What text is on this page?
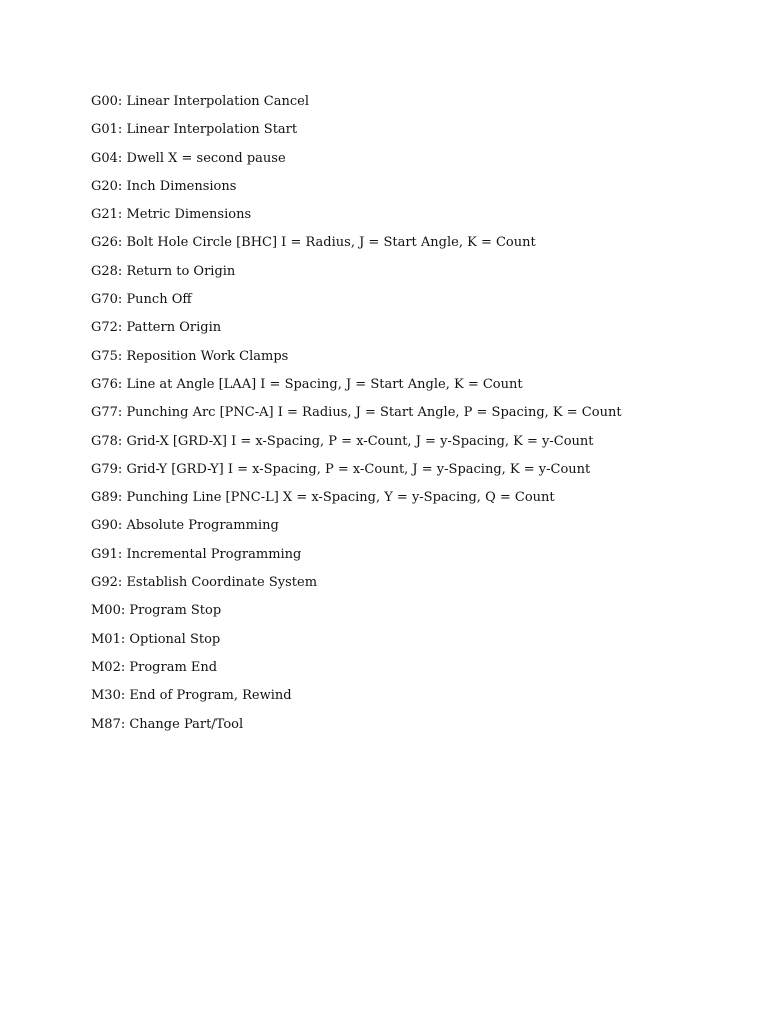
G00: Linear Interpolation Cancel
G01: Linear Interpolation Start
G04: Dwell X = second pause
G20: Inch Dimensions
G21: Metric Dimensions
G26: Bolt Hole Circle [BHC] I = Radius, J = Start Angle, K = Count
G28: Return to Origin
G70: Punch Off
G72: Pattern Origin
G75: Reposition Work Clamps
G76: Line at Angle [LAA] I = Spacing, J = Start Angle, K = Count
G77: Punching Arc [PNC-A] I = Radius, J = Start Angle, P = Spacing, K = Count
G78: Grid-X [GRD-X] I = x-Spacing, P = x-Count, J = y-Spacing, K = y-Count
G79: Grid-Y [GRD-Y] I = x-Spacing, P = x-Count, J = y-Spacing, K = y-Count
G89: Punching Line [PNC-L] X = x-Spacing, Y = y-Spacing, Q = Count
G90: Absolute Programming
G91: Incremental Programming
G92: Establish Coordinate System
M00: Program Stop
M01: Optional Stop
M02: Program End
M30: End of Program, Rewind
M87: Change Part/Tool
